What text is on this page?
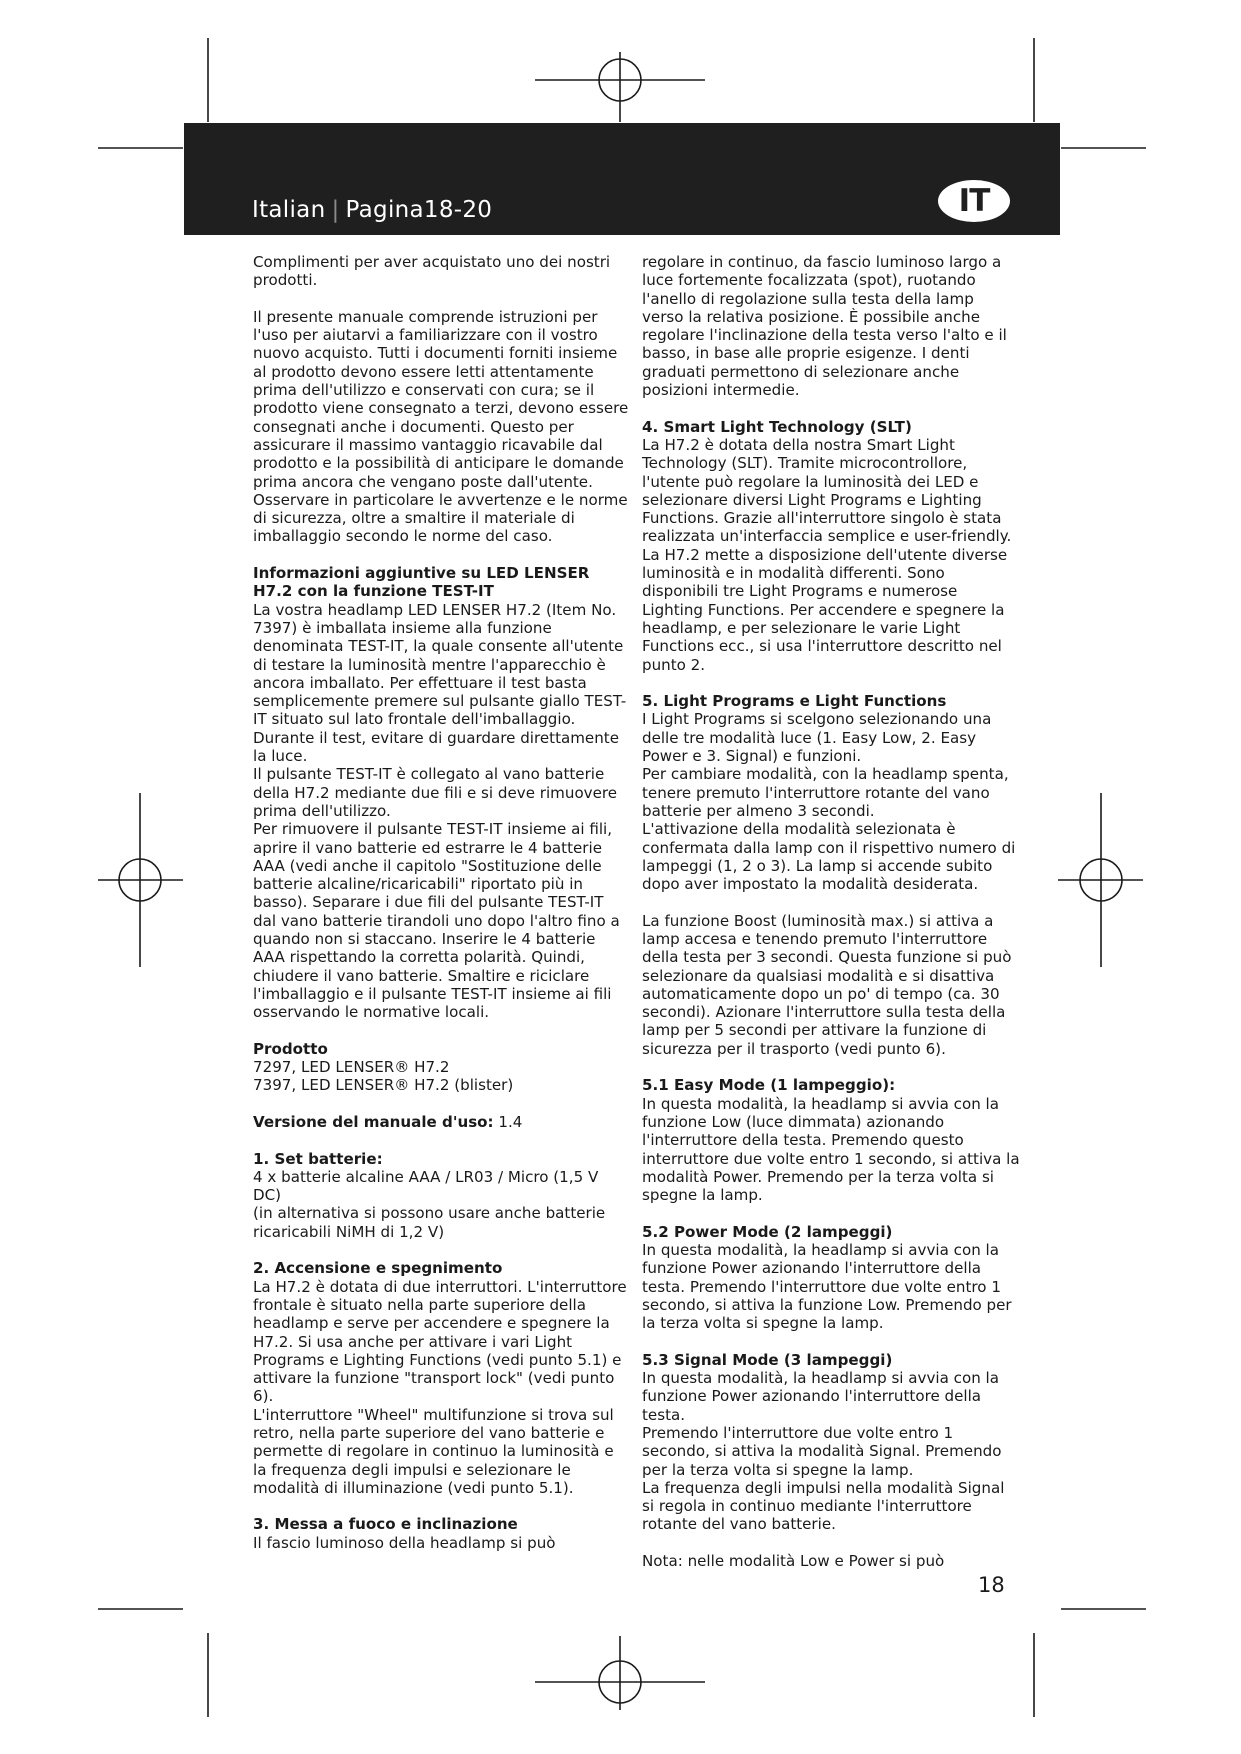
Italian | Pagina18-20	IT

Complimenti per aver acquistato uno dei nostri prodotti.

Il presente manuale comprende istruzioni per l'uso per aiutarvi a familiarizzare con il vostro nuovo acquisto. Tutti i documenti forniti insieme al prodotto devono essere letti attentamente prima dell'utilizzo e conservati con cura; se il prodotto viene consegnato a terzi, devono essere consegnati anche i documenti. Questo per assicurare il massimo vantaggio ricavabile dal prodotto e la possibilità di anticipare le domande prima ancora che vengano poste dall'utente.

Osservare in particolare le avvertenze e le norme di sicurezza, oltre a smaltire il materiale di imballaggio secondo le norme del caso.

Informazioni aggiuntive su LED LENSER H7.2 con la funzione TEST-IT

La vostra headlamp LED LENSER H7.2 (Item No. 7397) è imballata insieme alla funzione denominata TEST-IT, la quale consente all'utente di testare la luminosità mentre l'apparecchio è ancora imballato. Per effettuare il test basta semplicemente premere sul pulsante giallo TEST-IT situato sul lato frontale dell'imballaggio. Durante il test, evitare di guardare direttamente la luce.

Il pulsante TEST-IT è collegato al vano batterie della H7.2 mediante due fili e si deve rimuovere prima dell'utilizzo.

Per rimuovere il pulsante TEST-IT insieme ai fili, aprire il vano batterie ed estrarre le 4 batterie AAA (vedi anche il capitolo "Sostituzione delle batterie alcaline/ricaricabili" riportato più in basso). Separare i due fili del pulsante TEST-IT dal vano batterie tirandoli uno dopo l'altro fino a quando non si staccano. Inserire le 4 batterie AAA rispettando la corretta polarità. Quindi, chiudere il vano batterie. Smaltire e riciclare l'imballaggio e il pulsante TEST-IT insieme ai fili osservando le normative locali.

Prodotto

7297, LED LENSER® H7.2

7397, LED LENSER® H7.2 (blister)

Versione del manuale d'uso: 1.4

1. Set batterie:

4 x batterie alcaline AAA / LR03 / Micro (1,5 V DC)

(in alternativa si possono usare anche batterie ricaricabili NiMH di 1,2 V)

2. Accensione e spegnimento

La H7.2 è dotata di due interruttori. L'interruttore frontale è situato nella parte superiore della headlamp e serve per accendere e spegnere la H7.2. Si usa anche per attivare i vari Light Programs e Lighting Functions (vedi punto 5.1) e attivare la funzione "transport lock" (vedi punto 6).

L'interruttore "Wheel" multifunzione si trova sul retro, nella parte superiore del vano batterie e permette di regolare in continuo la luminosità e la frequenza degli impulsi e selezionare le modalità di illuminazione (vedi punto 5.1).

3. Messa a fuoco e inclinazione

Il fascio luminoso della headlamp si può

regolare in continuo, da fascio luminoso largo a luce fortemente focalizzata (spot), ruotando l'anello di regolazione sulla testa della lamp verso la relativa posizione. È possibile anche regolare l'inclinazione della testa verso l'alto e il basso, in base alle proprie esigenze. I denti graduati permettono di selezionare anche posizioni intermedie.

4. Smart Light Technology (SLT)

La H7.2 è dotata della nostra Smart Light Technology (SLT). Tramite microcontrollore, l'utente può regolare la luminosità dei LED e selezionare diversi Light Programs e Lighting Functions. Grazie all'interruttore singolo è stata realizzata un'interfaccia semplice e user-friendly. La H7.2 mette a disposizione dell'utente diverse luminosità e in modalità differenti. Sono disponibili tre Light Programs e numerose Lighting Functions. Per accendere e spegnere la headlamp, e per selezionare le varie Light Functions ecc., si usa l'interruttore descritto nel punto 2.

5. Light Programs e Light Functions

I Light Programs si scelgono selezionando una delle tre modalità luce (1. Easy Low, 2. Easy Power e 3. Signal) e funzioni.

Per cambiare modalità, con la headlamp spenta, tenere premuto l'interruttore rotante del vano batterie per almeno 3 secondi.

L'attivazione della modalità selezionata è confermata dalla lamp con il rispettivo numero di lampeggi (1, 2 o 3). La lamp si accende subito dopo aver impostato la modalità desiderata.

La funzione Boost (luminosità max.) si attiva a lamp accesa e tenendo premuto l'interruttore della testa per 3 secondi. Questa funzione si può selezionare da qualsiasi modalità e si disattiva automaticamente dopo un po' di tempo (ca. 30 secondi). Azionare l'interruttore sulla testa della lamp per 5 secondi per attivare la funzione di sicurezza per il trasporto (vedi punto 6).

5.1 Easy Mode (1 lampeggio):

In questa modalità, la headlamp si avvia con la funzione Low (luce dimmata) azionando l'interruttore della testa. Premendo questo interruttore due volte entro 1 secondo, si attiva la modalità Power. Premendo per la terza volta si spegne la lamp.

5.2 Power Mode (2 lampeggi)

In questa modalità, la headlamp si avvia con la funzione Power azionando l'interruttore della testa. Premendo l'interruttore due volte entro 1 secondo, si attiva la funzione Low. Premendo per la terza volta si spegne la lamp.

5.3 Signal Mode (3 lampeggi)

In questa modalità, la headlamp si avvia con la funzione Power azionando l'interruttore della testa.

Premendo l'interruttore due volte entro 1 secondo, si attiva la modalità Signal. Premendo per la terza volta si spegne la lamp.

La frequenza degli impulsi nella modalità Signal si regola in continuo mediante l'interruttore rotante del vano batterie.

Nota: nelle modalità Low e Power si può

18
